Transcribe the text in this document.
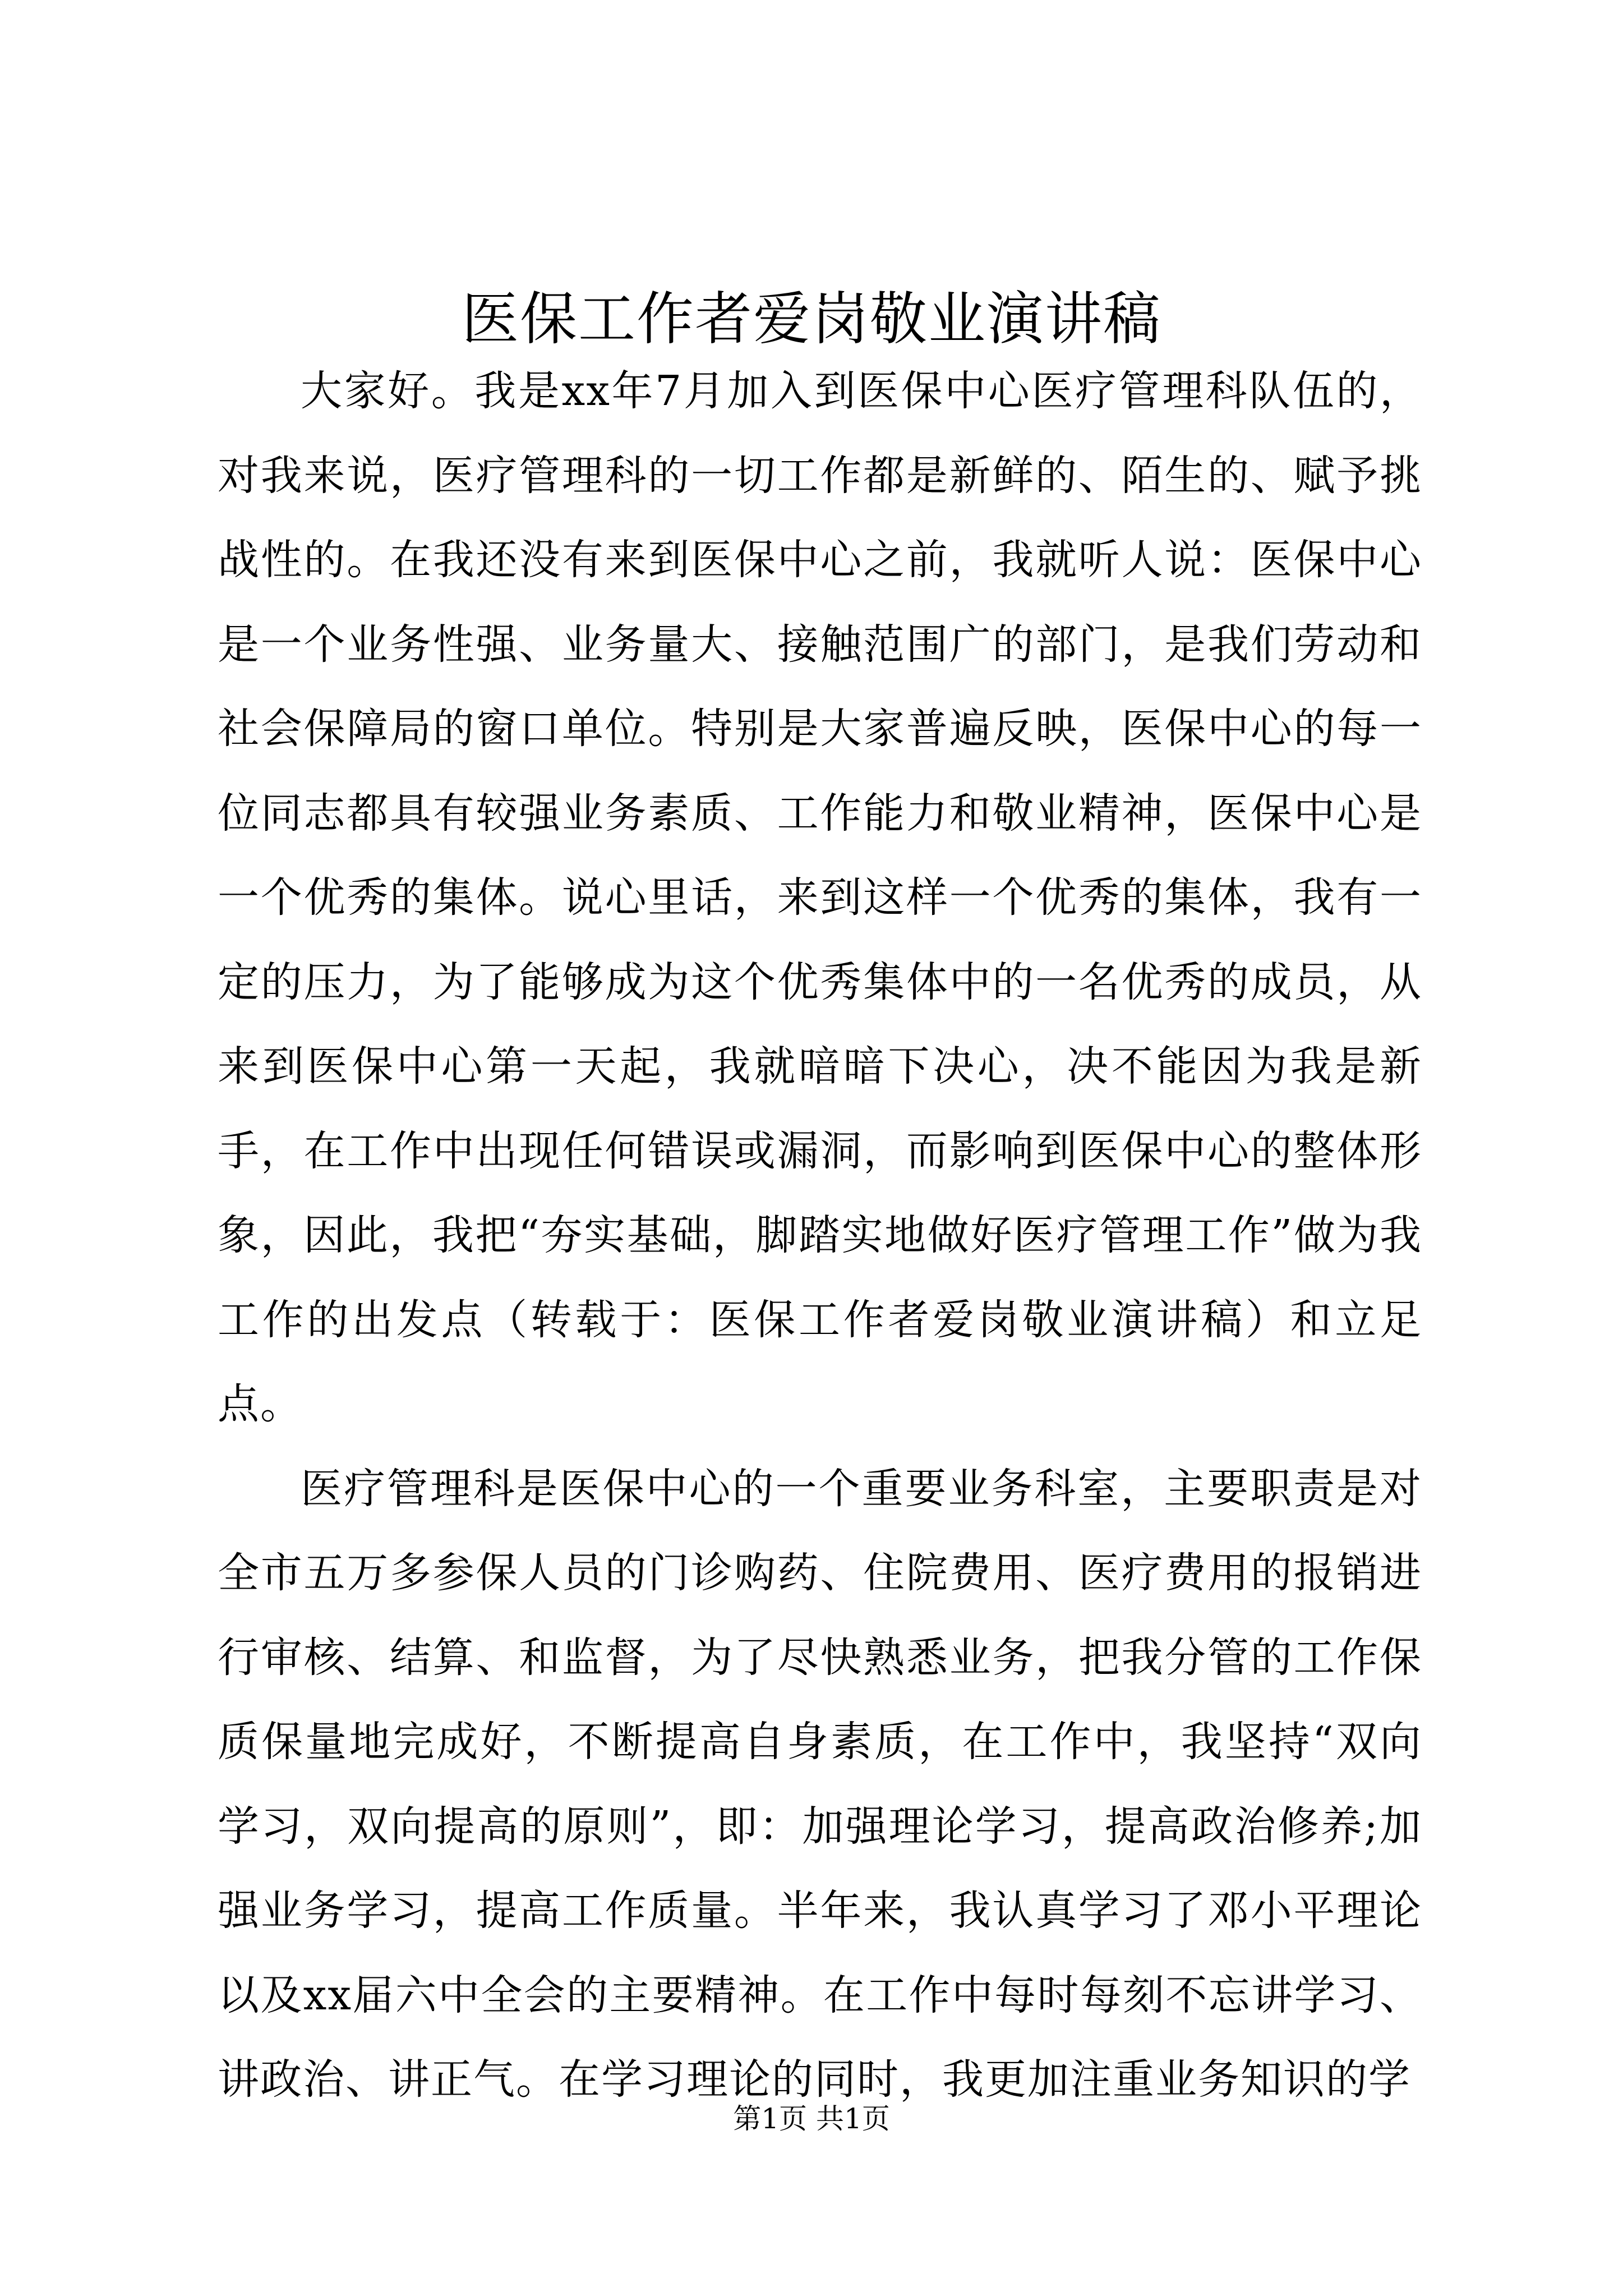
医保工作者爱岗敬业演讲稿

大家好。我是xx年7月加入到医保中心医疗管理科队伍的，对我来说，医疗管理科的一切工作都是新鲜的、陌生的、赋予挑战性的。在我还没有来到医保中心之前，我就听人说：医保中心是一个业务性强、业务量大、接触范围广的部门，是我们劳动和社会保障局的窗口单位。特别是大家普遍反映，医保中心的每一位同志都具有较强业务素质、工作能力和敬业精神，医保中心是一个优秀的集体。说心里话，来到这样一个优秀的集体，我有一定的压力，为了能够成为这个优秀集体中的一名优秀的成员，从来到医保中心第一天起，我就暗暗下决心，决不能因为我是新手，在工作中出现任何错误或漏洞，而影响到医保中心的整体形象，因此，我把“夯实基础，脚踏实地做好医疗管理工作”做为我工作的出发点（转载于：医保工作者爱岗敬业演讲稿）和立足点。

医疗管理科是医保中心的一个重要业务科室，主要职责是对全市五万多参保人员的门诊购药、住院费用、医疗费用的报销进行审核、结算、和监督，为了尽快熟悉业务，把我分管的工作保质保量地完成好，不断提高自身素质，在工作中，我坚持“双向学习，双向提高的原则”，即：加强理论学习，提高政治修养;加强业务学习，提高工作质量。半年来，我认真学习了邓小平理论以及xx届六中全会的主要精神。在工作中每时每刻不忘讲学习、讲政治、讲正气。在学习理论的同时，我更加注重业务知识的学

第1页 共1页
